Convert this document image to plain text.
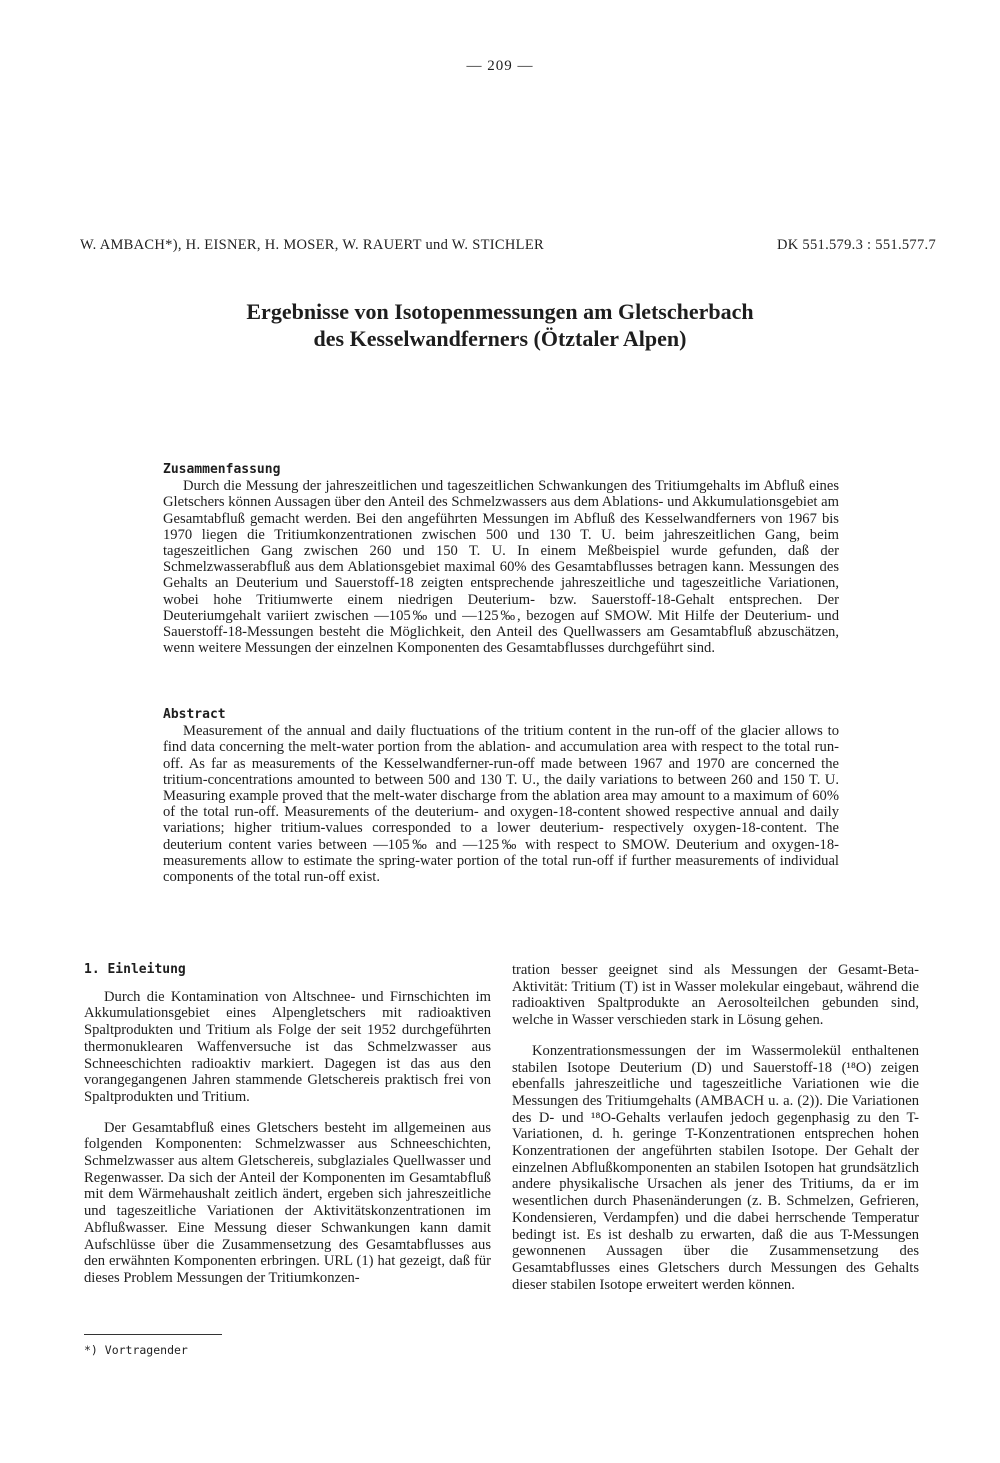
— 209 —
W. AMBACH*), H. EISNER, H. MOSER, W. RAUERT und W. STICHLER	DK 551.579.3 : 551.577.7
Ergebnisse von Isotopenmessungen am Gletscherbach
des Kesselwandferners (Ötztaler Alpen)
Zusammenfassung

Durch die Messung der jahreszeitlichen und tageszeitlichen Schwankungen des Tritiumgehalts im Abfluß eines Gletschers können Aussagen über den Anteil des Schmelzwassers aus dem Ablations- und Akkumulationsgebiet am Gesamtabfluß gemacht werden. Bei den angeführten Messungen im Abfluß des Kesselwandferners von 1967 bis 1970 liegen die Tritiumkonzentrationen zwischen 500 und 130 T. U. beim jahreszeitlichen Gang, beim tageszeitlichen Gang zwischen 260 und 150 T. U. In einem Meßbeispiel wurde gefunden, daß der Schmelzwasserabfluß aus dem Ablationsgebiet maximal 60% des Gesamtabflusses betragen kann. Messungen des Gehalts an Deuterium und Sauerstoff-18 zeigten entsprechende jahreszeitliche und tageszeitliche Variationen, wobei hohe Tritiumwerte einem niedrigen Deuterium- bzw. Sauerstoff-18-Gehalt entsprechen. Der Deuteriumgehalt variiert zwischen —105‰ und —125‰, bezogen auf SMOW. Mit Hilfe der Deuterium- und Sauerstoff-18-Messungen besteht die Möglichkeit, den Anteil des Quellwassers am Gesamtabfluß abzuschätzen, wenn weitere Messungen der einzelnen Komponenten des Gesamtabflusses durchgeführt sind.

Abstract

Measurement of the annual and daily fluctuations of the tritium content in the run-off of the glacier allows to find data concerning the melt-water portion from the ablation- and accumulation area with respect to the total run-off. As far as measurements of the Kesselwandferner-run-off made between 1967 and 1970 are concerned the tritium-concentrations amounted to between 500 and 130 T. U., the daily variations to between 260 and 150 T. U. Measuring example proved that the melt-water discharge from the ablation area may amount to a maximum of 60% of the total run-off. Measurements of the deuterium- and oxygen-18-content showed respective annual and daily variations; higher tritium-values corresponded to a lower deuterium- respectively oxygen-18-content. The deuterium content varies between —105‰ and —125‰ with respect to SMOW. Deuterium and oxygen-18-measurements allow to estimate the spring-water portion of the total run-off if further measurements of individual components of the total run-off exist.

1. Einleitung

Durch die Kontamination von Altschnee- und Firnschichten im Akkumulationsgebiet eines Alpengletschers mit radioaktiven Spaltprodukten und Tritium als Folge der seit 1952 durchgeführten thermonuklearen Waffenversuche ist das Schmelzwasser aus Schneeschichten radioaktiv markiert. Dagegen ist das aus den vorangegangenen Jahren stammende Gletschereis praktisch frei von Spaltprodukten und Tritium.

Der Gesamtabfluß eines Gletschers besteht im allgemeinen aus folgenden Komponenten: Schmelzwasser aus Schneeschichten, Schmelzwasser aus altem Gletschereis, subglaziales Quellwasser und Regenwasser. Da sich der Anteil der Komponenten im Gesamtabfluß mit dem Wärmehaushalt zeitlich ändert, ergeben sich jahreszeitliche und tageszeitliche Variationen der Aktivitätskonzentrationen im Abflußwasser. Eine Messung dieser Schwankungen kann damit Aufschlüsse über die Zusammensetzung des Gesamtabflusses aus den erwähnten Komponenten erbringen. URL (1) hat gezeigt, daß für dieses Problem Messungen der Tritiumkonzen-

tration besser geeignet sind als Messungen der Gesamt-Beta-Aktivität: Tritium (T) ist in Wasser molekular eingebaut, während die radioaktiven Spaltprodukte an Aerosolteilchen gebunden sind, welche in Wasser verschieden stark in Lösung gehen.

Konzentrationsmessungen der im Wassermolekül enthaltenen stabilen Isotope Deuterium (D) und Sauerstoff-18 (¹⁸O) zeigen ebenfalls jahreszeitliche und tageszeitliche Variationen wie die Messungen des Tritiumgehalts (AMBACH u. a. (2)). Die Variationen des D- und ¹⁸O-Gehalts verlaufen jedoch gegenphasig zu den T-Variationen, d. h. geringe T-Konzentrationen entsprechen hohen Konzentrationen der angeführten stabilen Isotope. Der Gehalt der einzelnen Abflußkomponenten an stabilen Isotopen hat grundsätzlich andere physikalische Ursachen als jener des Tritiums, da er im wesentlichen durch Phasenänderungen (z. B. Schmelzen, Gefrieren, Kondensieren, Verdampfen) und die dabei herrschende Temperatur bedingt ist. Es ist deshalb zu erwarten, daß die aus T-Messungen gewonnenen Aussagen über die Zusammensetzung des Gesamtabflusses eines Gletschers durch Messungen des Gehalts dieser stabilen Isotope erweitert werden können.

*) Vortragender
